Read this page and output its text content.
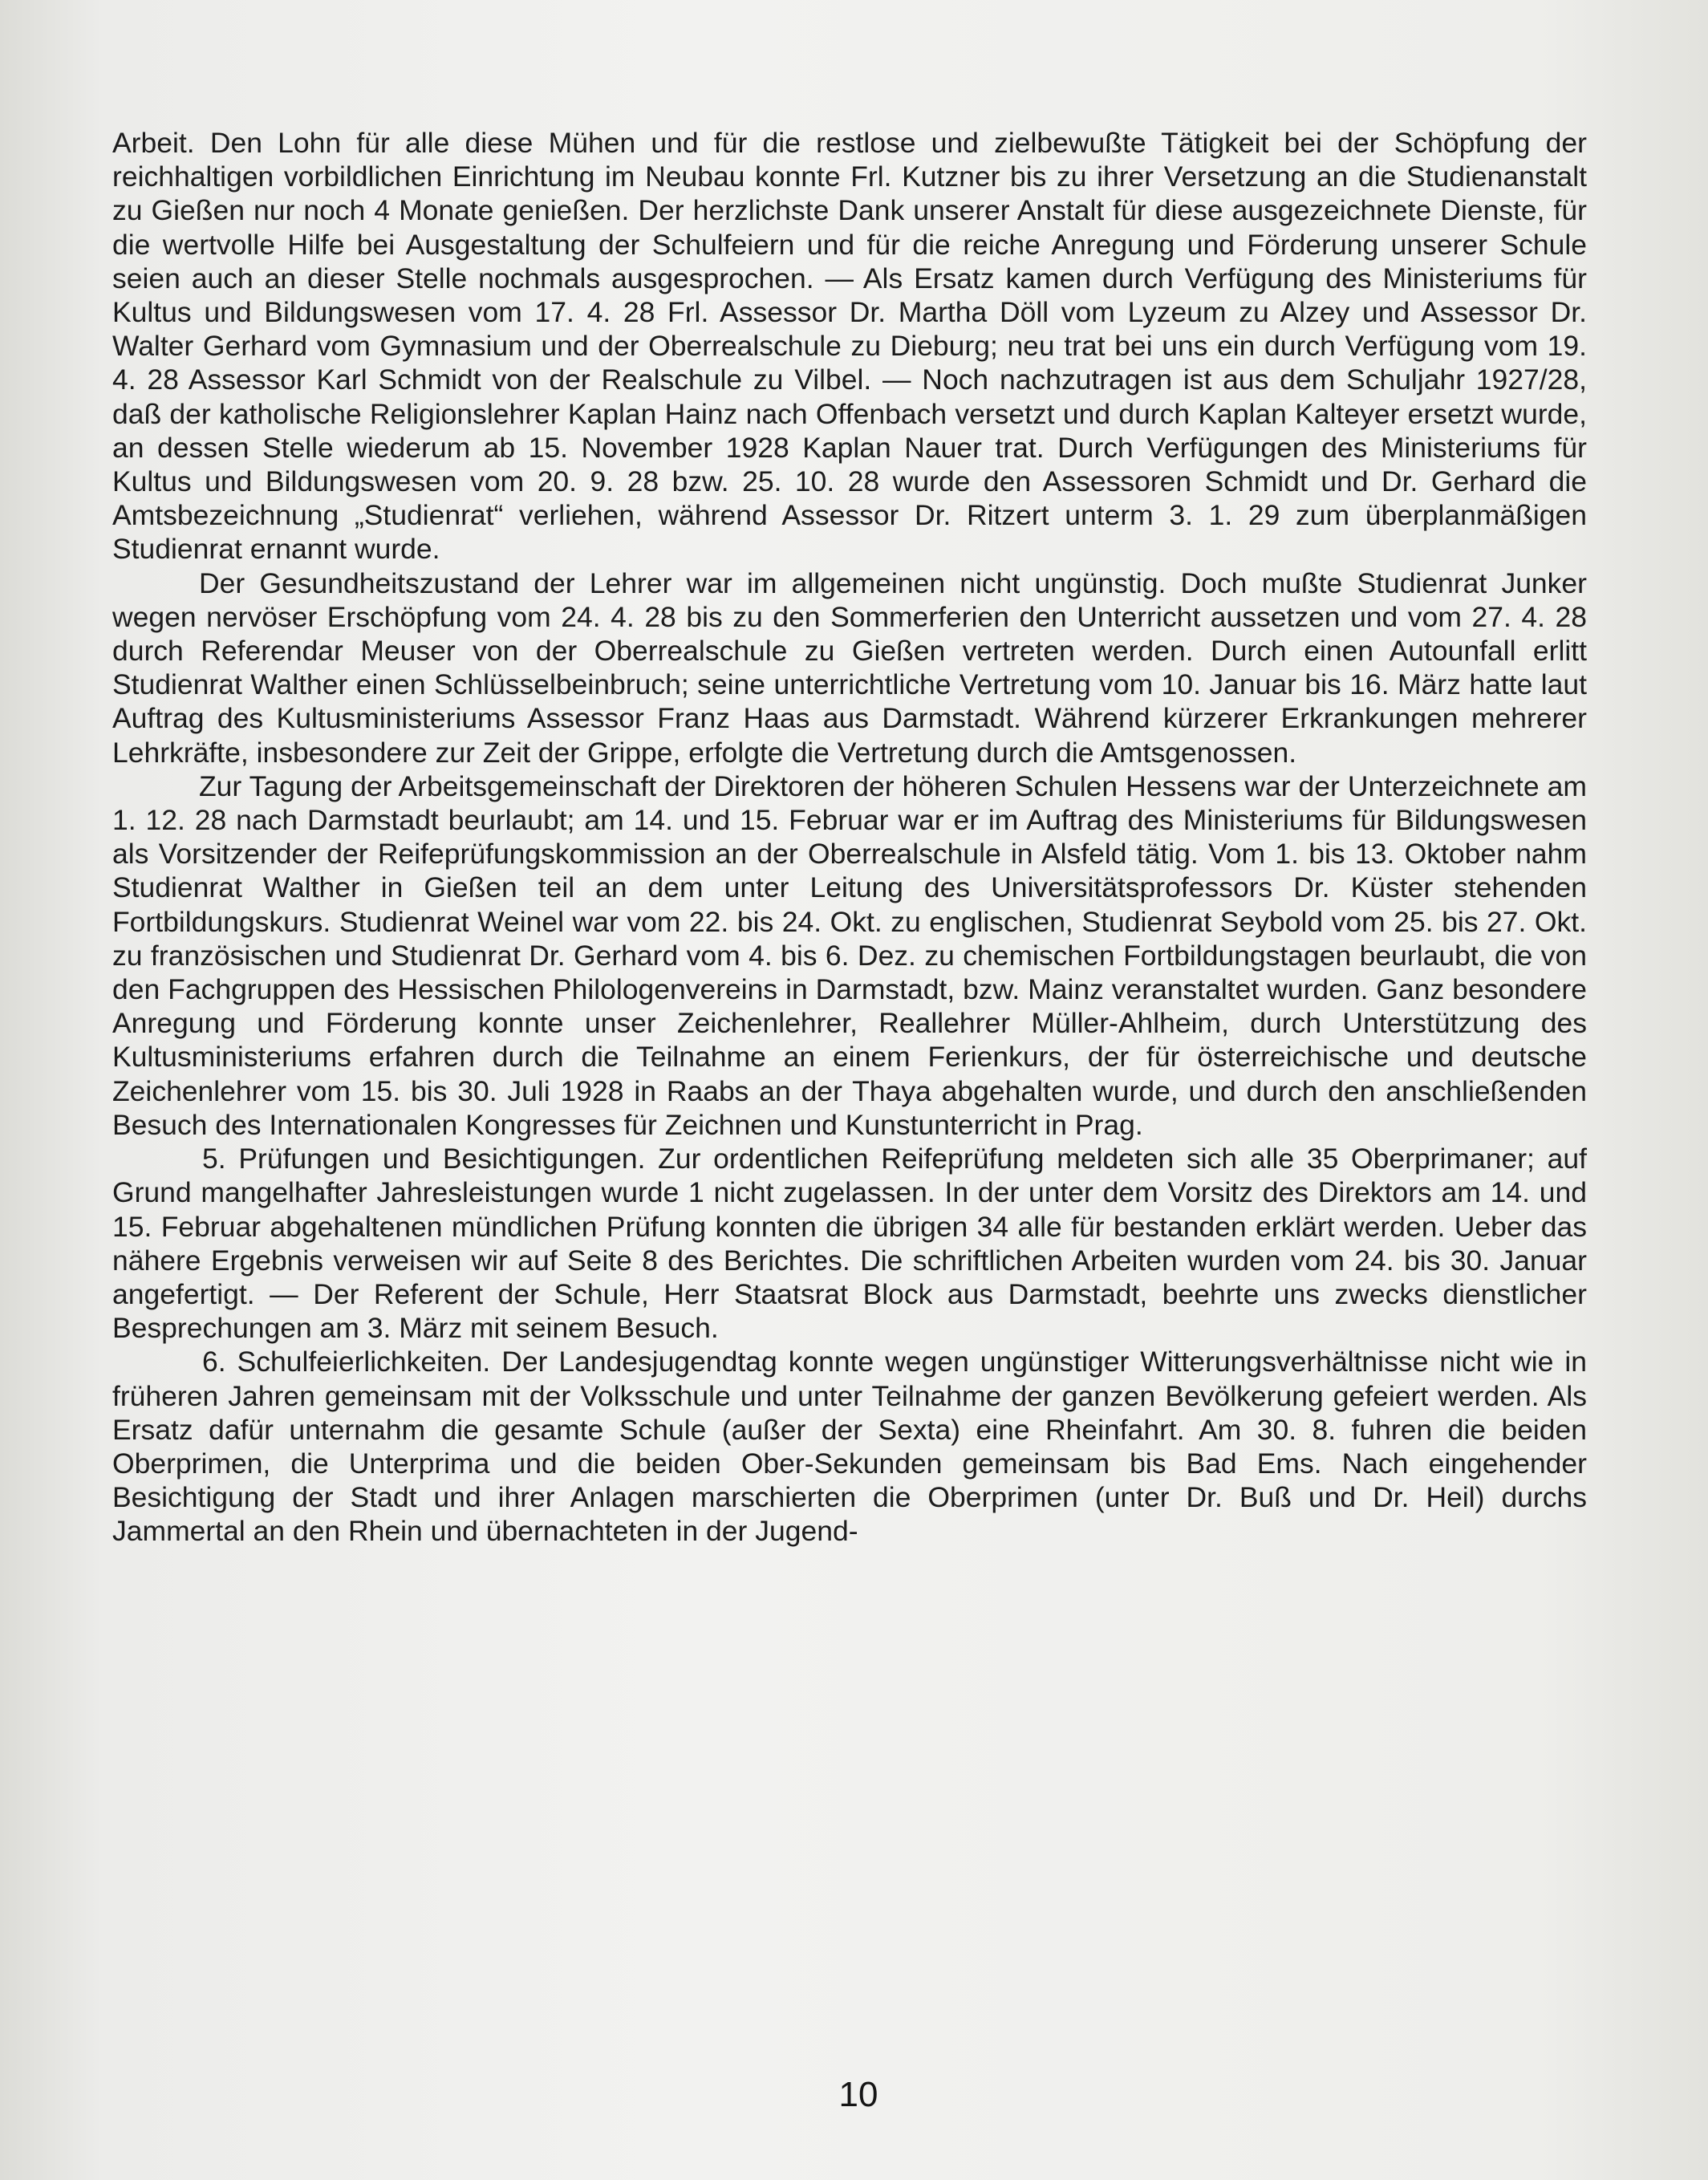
Arbeit. Den Lohn für alle diese Mühen und für die restlose und zielbewußte Tätigkeit bei der Schöpfung der reichhaltigen vorbildlichen Einrichtung im Neubau konnte Frl. Kutzner bis zu ihrer Versetzung an die Studienanstalt zu Gießen nur noch 4 Monate genießen. Der herzlichste Dank unserer Anstalt für diese ausgezeichnete Dienste, für die wertvolle Hilfe bei Ausgestaltung der Schulfeiern und für die reiche Anregung und Förderung unserer Schule seien auch an dieser Stelle nochmals ausgesprochen. — Als Ersatz kamen durch Verfügung des Ministeriums für Kultus und Bildungswesen vom 17. 4. 28 Frl. Assessor Dr. Martha Döll vom Lyzeum zu Alzey und Assessor Dr. Walter Gerhard vom Gymnasium und der Oberrealschule zu Dieburg; neu trat bei uns ein durch Verfügung vom 19. 4. 28 Assessor Karl Schmidt von der Realschule zu Vilbel. — Noch nachzutragen ist aus dem Schuljahr 1927/28, daß der katholische Religionslehrer Kaplan Hainz nach Offenbach versetzt und durch Kaplan Kalteyer ersetzt wurde, an dessen Stelle wiederum ab 15. November 1928 Kaplan Nauer trat. Durch Verfügungen des Ministeriums für Kultus und Bildungswesen vom 20. 9. 28 bzw. 25. 10. 28 wurde den Assessoren Schmidt und Dr. Gerhard die Amtsbezeichnung „Studienrat“ verliehen, während Assessor Dr. Ritzert unterm 3. 1. 29 zum überplanmäßigen Studienrat ernannt wurde.

Der Gesundheitszustand der Lehrer war im allgemeinen nicht ungünstig. Doch mußte Studienrat Junker wegen nervöser Erschöpfung vom 24. 4. 28 bis zu den Sommerferien den Unterricht aussetzen und vom 27. 4. 28 durch Referendar Meuser von der Oberrealschule zu Gießen vertreten werden. Durch einen Autounfall erlitt Studienrat Walther einen Schlüsselbeinbruch; seine unterrichtliche Vertretung vom 10. Januar bis 16. März hatte laut Auftrag des Kultusministeriums Assessor Franz Haas aus Darmstadt. Während kürzerer Erkrankungen mehrerer Lehrkräfte, insbesondere zur Zeit der Grippe, erfolgte die Vertretung durch die Amtsgenossen.

Zur Tagung der Arbeitsgemeinschaft der Direktoren der höheren Schulen Hessens war der Unterzeichnete am 1. 12. 28 nach Darmstadt beurlaubt; am 14. und 15. Februar war er im Auftrag des Ministeriums für Bildungswesen als Vorsitzender der Reifeprüfungskommission an der Oberrealschule in Alsfeld tätig. Vom 1. bis 13. Oktober nahm Studienrat Walther in Gießen teil an dem unter Leitung des Universitätsprofessors Dr. Küster stehenden Fortbildungskurs. Studienrat Weinel war vom 22. bis 24. Okt. zu englischen, Studienrat Seybold vom 25. bis 27. Okt. zu französischen und Studienrat Dr. Gerhard vom 4. bis 6. Dez. zu chemischen Fortbildungstagen beurlaubt, die von den Fachgruppen des Hessischen Philologenvereins in Darmstadt, bzw. Mainz veranstaltet wurden. Ganz besondere Anregung und Förderung konnte unser Zeichenlehrer, Reallehrer Müller-Ahlheim, durch Unterstützung des Kultusministeriums erfahren durch die Teilnahme an einem Ferienkurs, der für österreichische und deutsche Zeichenlehrer vom 15. bis 30. Juli 1928 in Raabs an der Thaya abgehalten wurde, und durch den anschließenden Besuch des Internationalen Kongresses für Zeichnen und Kunstunterricht in Prag.

5. Prüfungen und Besichtigungen. Zur ordentlichen Reifeprüfung meldeten sich alle 35 Oberprimaner; auf Grund mangelhafter Jahresleistungen wurde 1 nicht zugelassen. In der unter dem Vorsitz des Direktors am 14. und 15. Februar abgehaltenen mündlichen Prüfung konnten die übrigen 34 alle für bestanden erklärt werden. Ueber das nähere Ergebnis verweisen wir auf Seite 8 des Berichtes. Die schriftlichen Arbeiten wurden vom 24. bis 30. Januar angefertigt. — Der Referent der Schule, Herr Staatsrat Block aus Darmstadt, beehrte uns zwecks dienstlicher Besprechungen am 3. März mit seinem Besuch.

6. Schulfeierlichkeiten. Der Landesjugendtag konnte wegen ungünstiger Witterungsverhältnisse nicht wie in früheren Jahren gemeinsam mit der Volksschule und unter Teilnahme der ganzen Bevölkerung gefeiert werden. Als Ersatz dafür unternahm die gesamte Schule (außer der Sexta) eine Rheinfahrt. Am 30. 8. fuhren die beiden Oberprimen, die Unterprima und die beiden Ober-Sekunden gemeinsam bis Bad Ems. Nach eingehender Besichtigung der Stadt und ihrer Anlagen marschierten die Oberprimen (unter Dr. Buß und Dr. Heil) durchs Jammertal an den Rhein und übernachteten in der Jugend-

10
